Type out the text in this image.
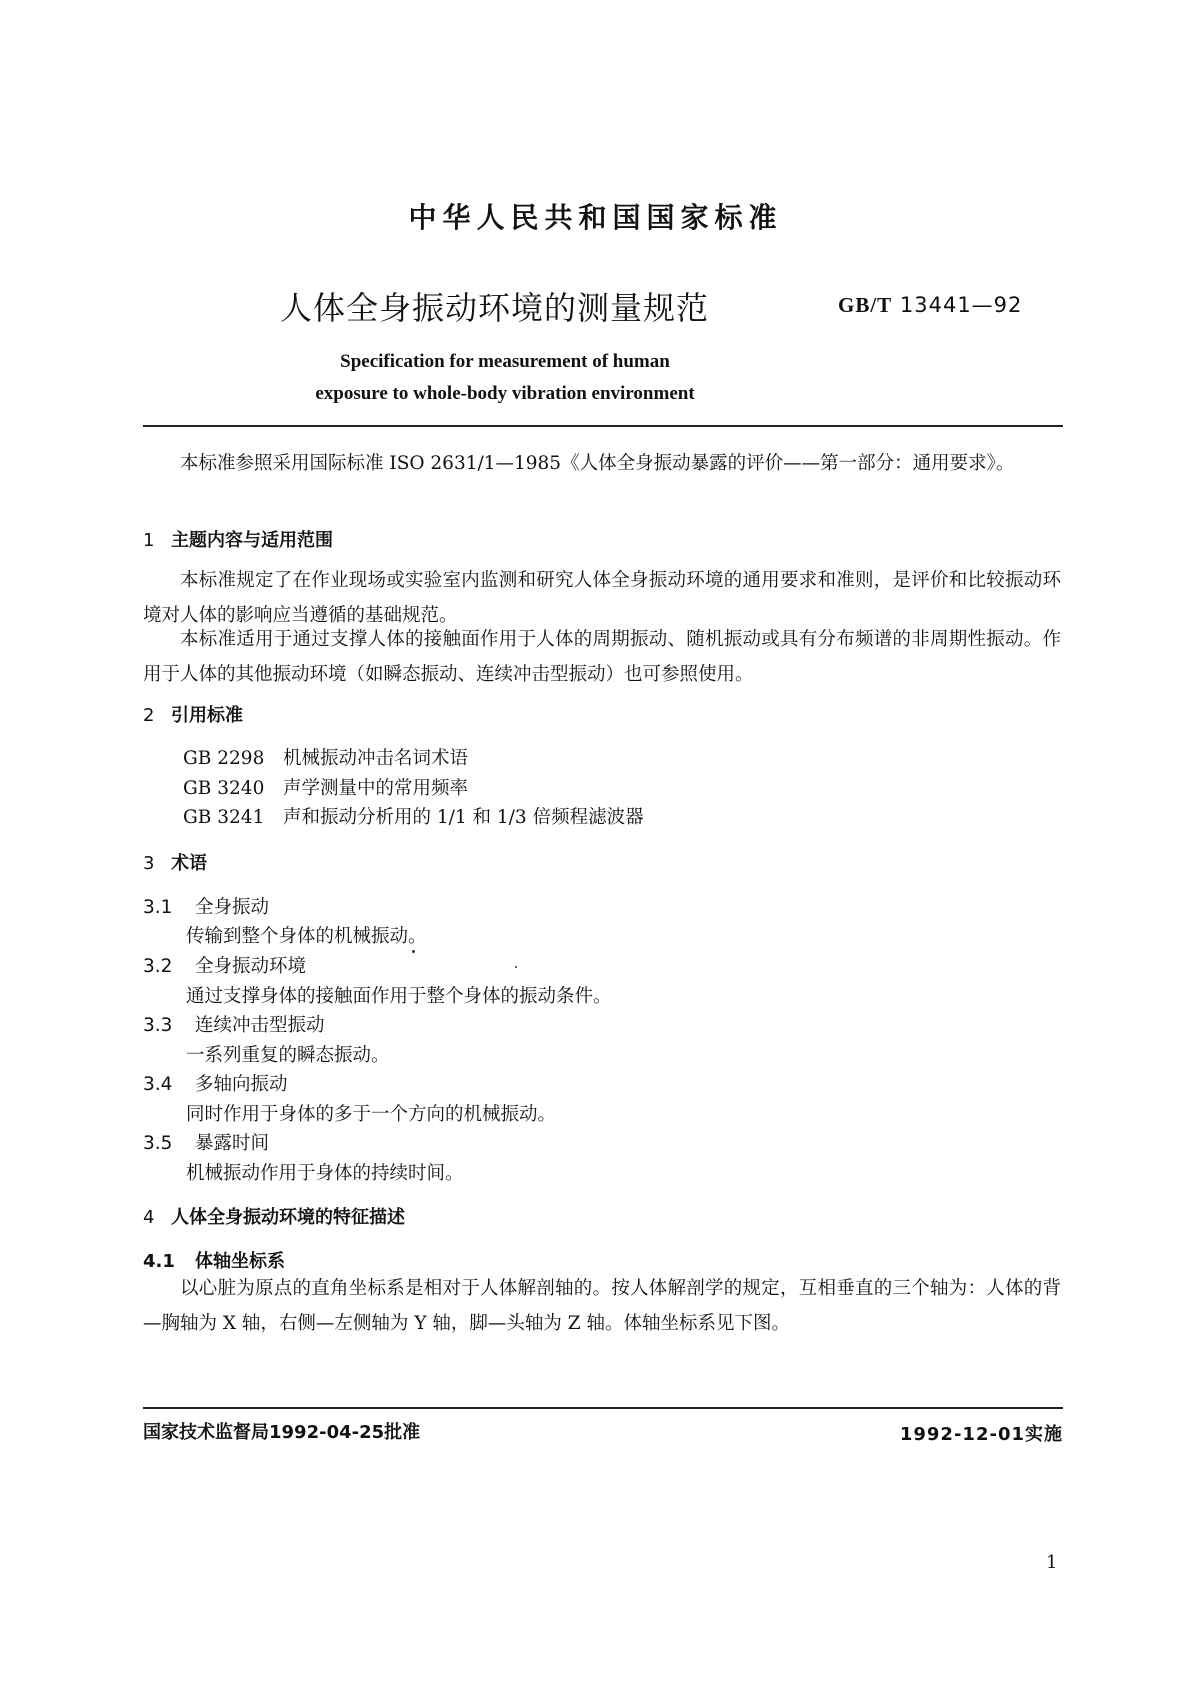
中华人民共和国国家标准
人体全身振动环境的测量规范	GB/T 13441—92
Specification for measurement of human
exposure to whole-body vibration environment

本标准参照采用国际标准 ISO 2631/1—1985《人体全身振动暴露的评价——第一部分：通用要求》。

1 主题内容与适用范围

本标准规定了在作业现场或实验室内监测和研究人体全身振动环境的通用要求和准则，是评价和比较振动环境对人体的影响应当遵循的基础规范。

本标准适用于通过支撑人体的接触面作用于人体的周期振动、随机振动或具有分布频谱的非周期性振动。作用于人体的其他振动环境（如瞬态振动、连续冲击型振动）也可参照使用。

2 引用标准
GB 2298 机械振动冲击名词术语
GB 3240 声学测量中的常用频率
GB 3241 声和振动分析用的 1/1 和 1/3 倍频程滤波器
3 术语
3.1 全身振动
传输到整个身体的机械振动。
3.2 全身振动环境
通过支撑身体的接触面作用于整个身体的振动条件。
3.3 连续冲击型振动
一系列重复的瞬态振动。
3.4 多轴向振动
同时作用于身体的多于一个方向的机械振动。
3.5 暴露时间
机械振动作用于身体的持续时间。
4 人体全身振动环境的特征描述
4.1 体轴坐标系

以心脏为原点的直角坐标系是相对于人体解剖轴的。按人体解剖学的规定，互相垂直的三个轴为：人体的背—胸轴为 X 轴，右侧—左侧轴为 Y 轴，脚—头轴为 Z 轴。体轴坐标系见下图。

国家技术监督局1992-04-25批准	1992-12-01实施
1
